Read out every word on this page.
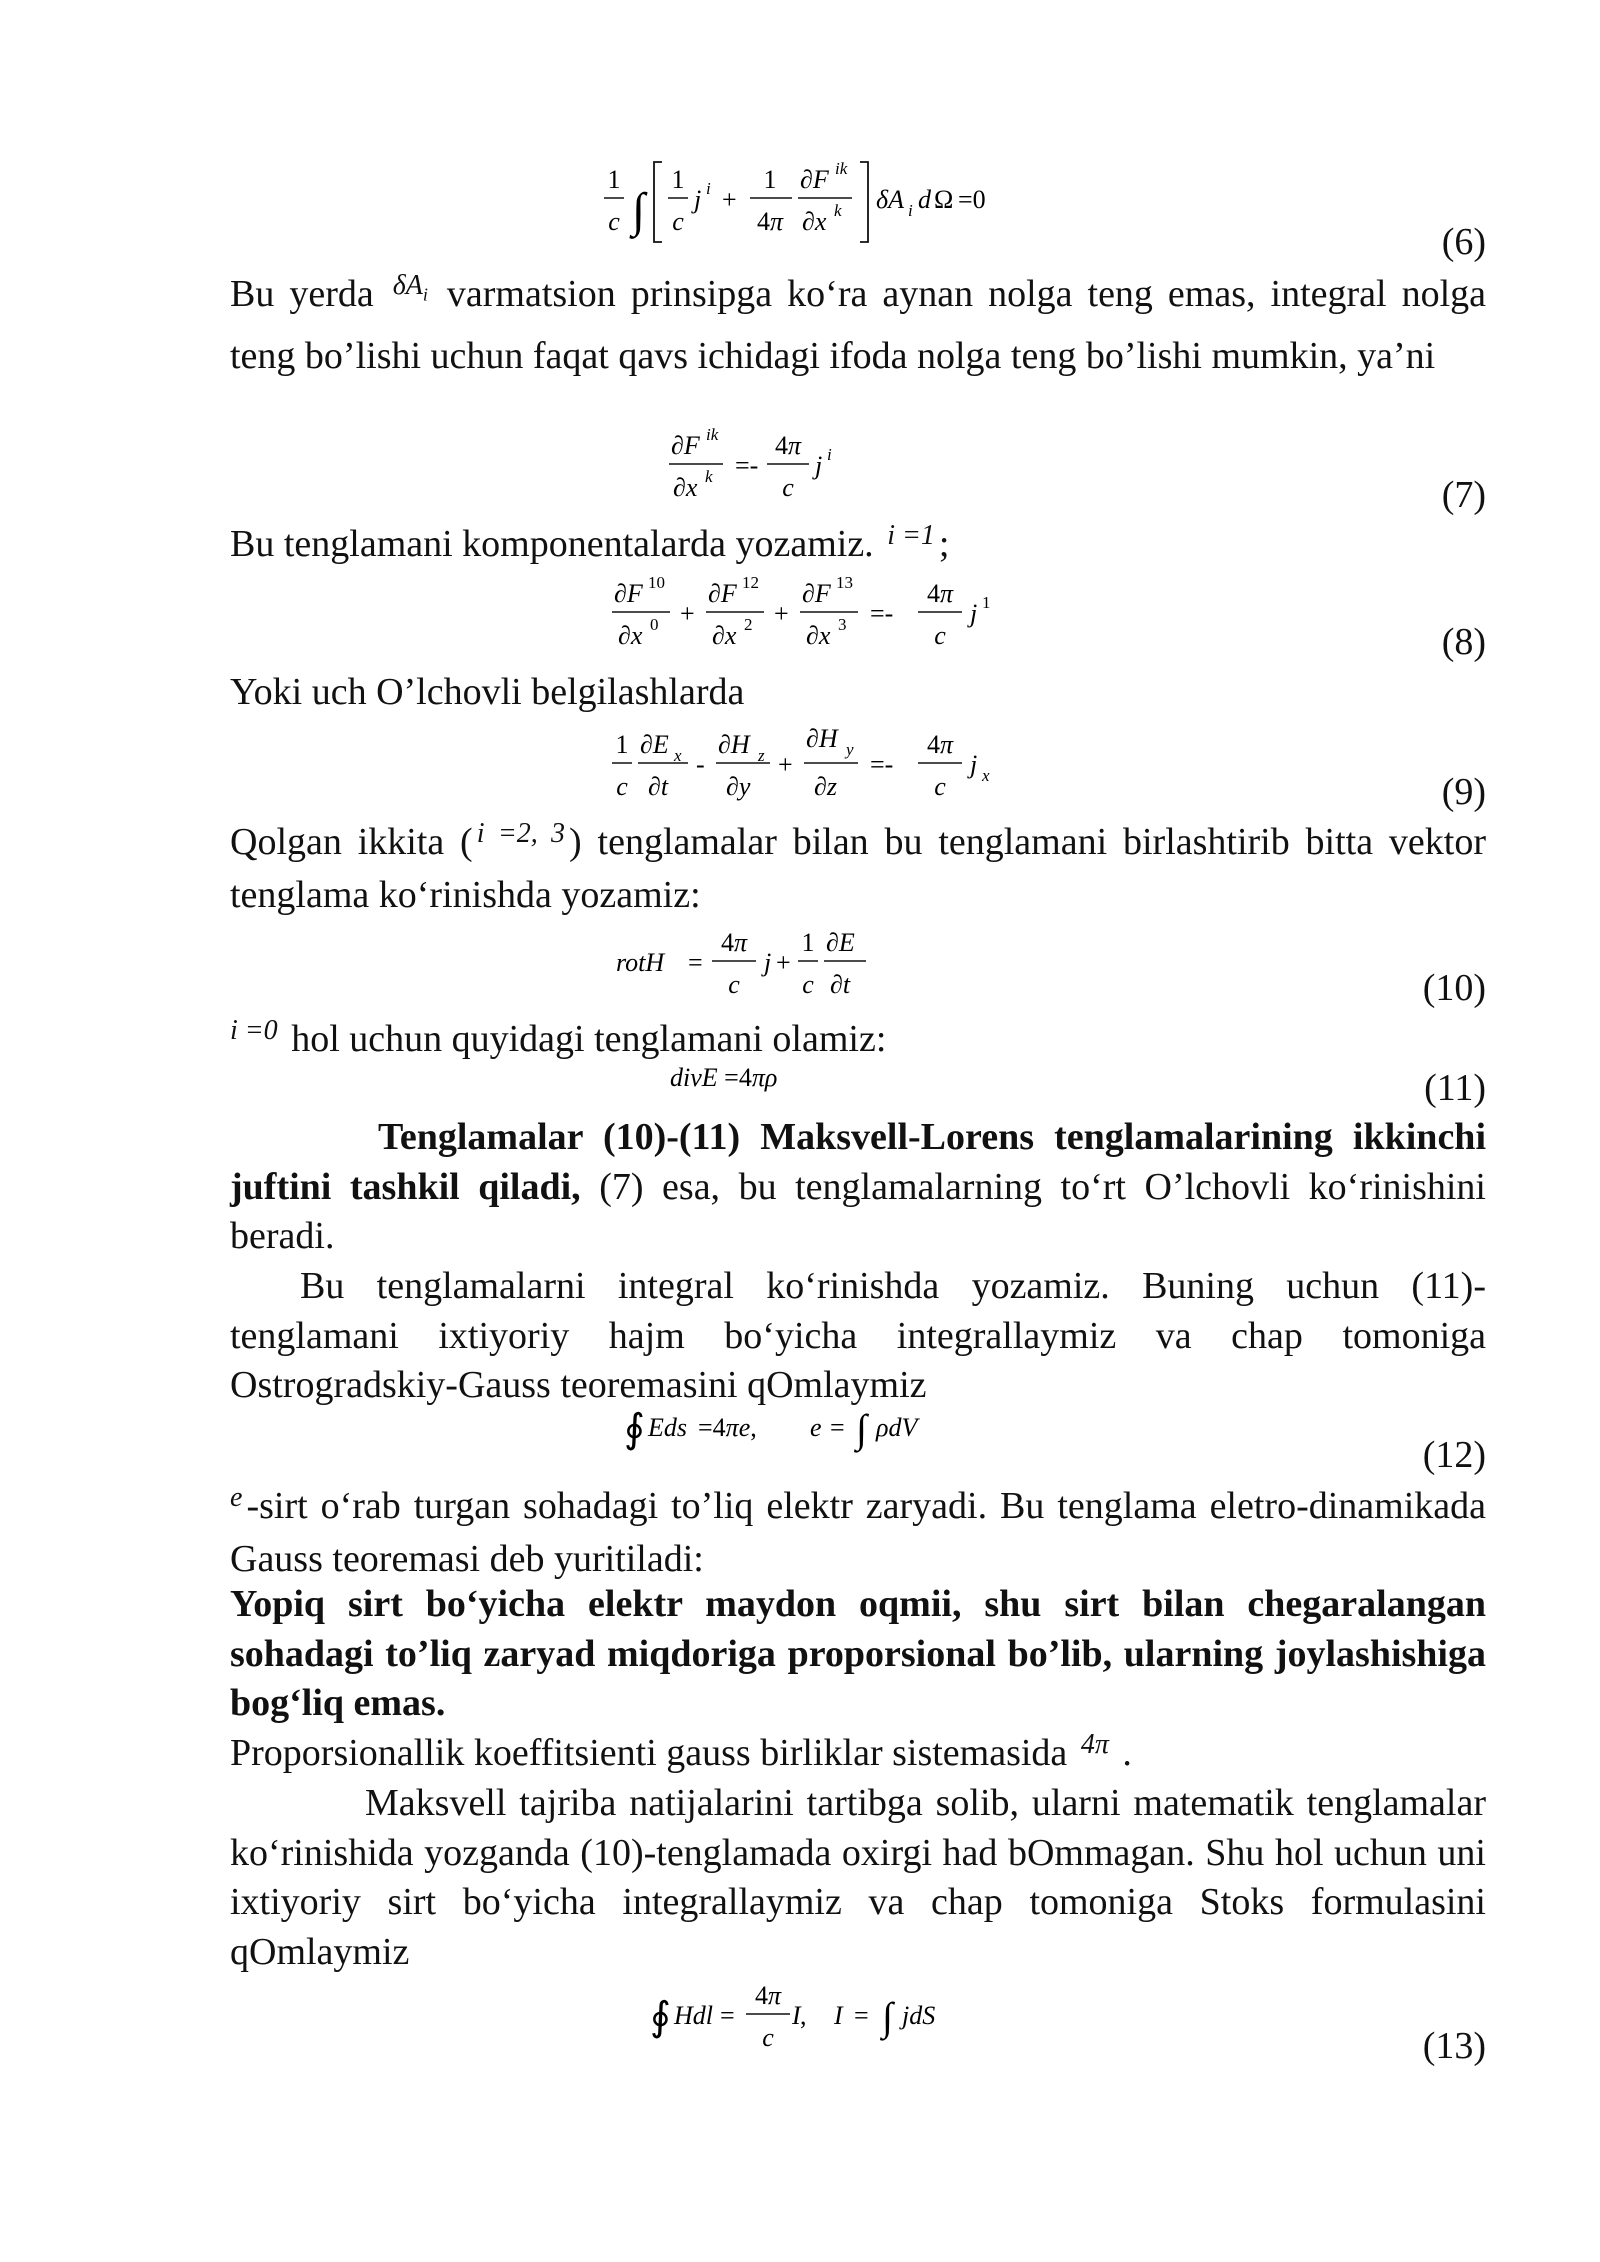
1
c ∫
1
c
j i +
1
4π
∂F ik
∂x k δA i d Ω =0
(6)

Bu yerda $^{\delta A_i}$ varmatsion prinsipga ko‘ra aynan nolga teng emas, integral nolga teng bo’lishi uchun faqat qavs ichidagi ifoda nolga teng bo’lishi mumkin, ya’ni

∂F ik
∂x k =-
4π
c
j i
(7)

Bu tenglamani komponentalarda yozamiz. $^{i =1}$ ;

∂F 10
∂x 0 +
∂F 12
∂x 2 +
∂F 13
∂x 3 =-
4π
c
j 1
(8)

Yoki uch O’lchovli belgilashlarda

1
c
∂E x
∂t
-
∂H z
∂y
+
∂H y
∂z
=-
4π
c
j x	(9)

Qolgan ikkita ( $^{i =2, 3}$ ) tenglamalar bilan bu tenglamani birlashtirib bitta vektor tenglama ko‘rinishda yozamiz:

rotH =
4π
c
j +
1
c
∂E
∂t	(10)

$^{i =0}$ hol uchun quyidagi tenglamani olamiz:

divE =4πρ	(11)

Tenglamalar (10)-(11) Maksvell-Lorens tenglamalarining ikkinchi juftini tashkil qiladi, (7) esa, bu tenglamalarning to‘rt O’lchovli ko‘rinishini beradi.

Bu tenglamalarni integral ko‘rinishda yozamiz. Buning uchun (11)-tenglamani ixtiyoriy hajm bo‘yicha integrallaymiz va chap tomoniga Ostrogradskiy-Gauss teoremasini qOmlaymiz

∮ Eds =4πe, e = ∫ ρdV
(12)

$^e$ -sirt o‘rab turgan sohadagi to’liq elektr zaryadi. Bu tenglama eletro-dinamikada Gauss teoremasi deb yuritiladi:

Yopiq sirt bo‘yicha elektr maydon oqmii, shu sirt bilan chegaralangan sohadagi to’liq zaryad miqdoriga proporsional bo’lib, ularning joylashishiga bog‘liq emas.

Proporsionallik koeffitsienti gauss birliklar sistemasida $^{4\pi}$ .

Maksvell tajriba natijalarini tartibga solib, ularni matematik tenglamalar ko‘rinishida yozganda (10)-tenglamada oxirgi had bOmmagan. Shu hol uchun uni ixtiyoriy sirt bo‘yicha integrallaymiz va chap tomoniga Stoks formulasini qOmlaymiz

∮ Hdl =
4π
c
I , I = ∫ jdS
(13)
